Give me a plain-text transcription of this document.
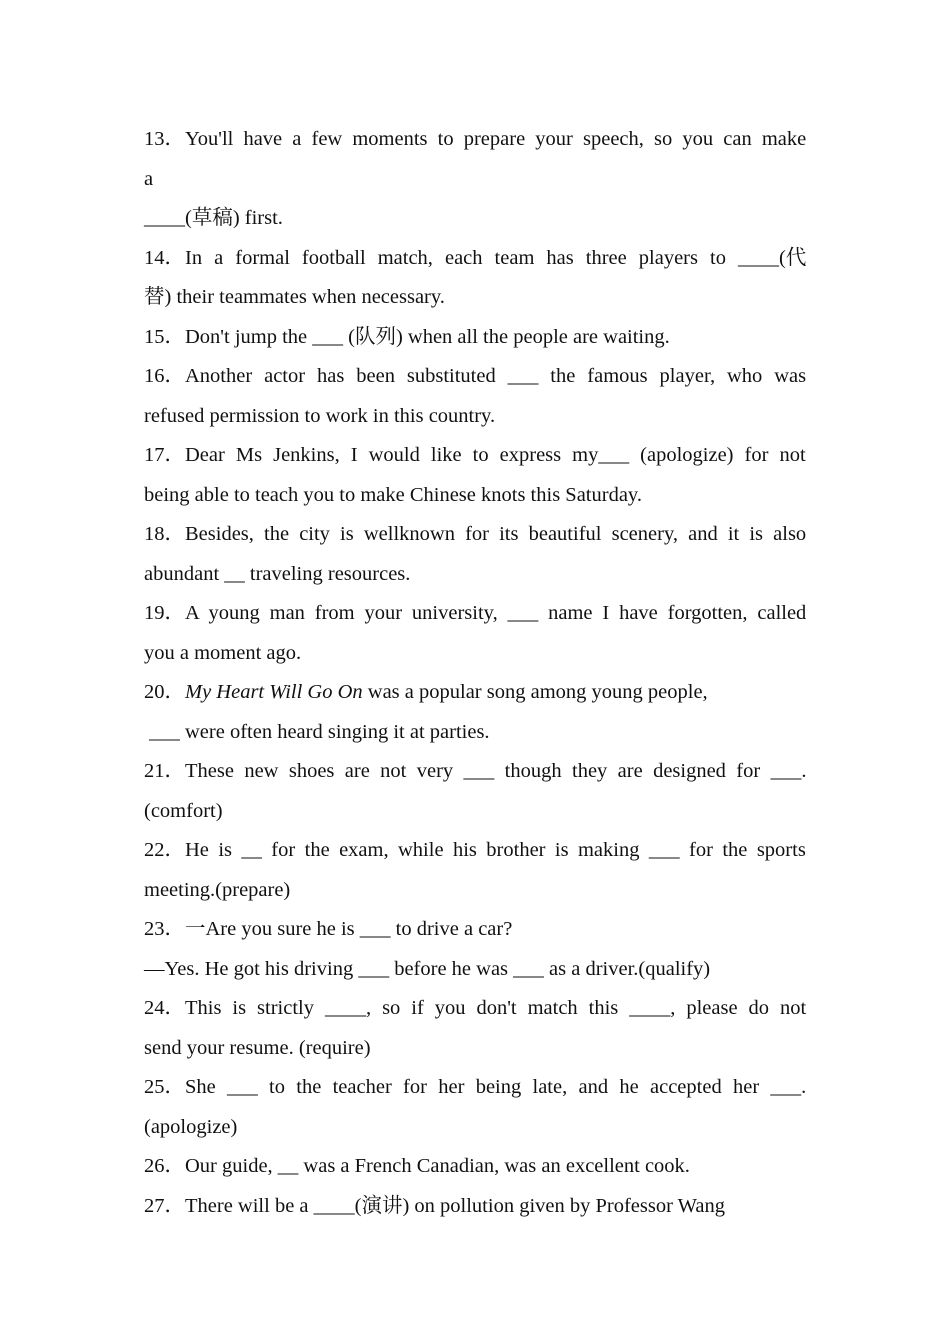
13．You'll have a few moments to prepare your speech, so you can make
a
____(草稿) first.
14．In a formal football match, each team has three players to ____(代
替) their teammates when necessary.
15．Don't jump the ___ (队列) when all the people are waiting.
16．Another actor has been substituted ___ the famous player, who was
refused permission to work in this country.
17．Dear Ms Jenkins, I would like to express my___ (apologize) for not
being able to teach you to make Chinese knots this Saturday.
18．Besides, the city is wellknown for its beautiful scenery, and it is also
abundant __ traveling resources.
19．A young man from your university, ___ name I have forgotten, called
you a moment ago.
20．My Heart Will Go On was a popular song among young people,
___ were often heard singing it at parties.
21．These new shoes are not very ___ though they are designed for ___.
(comfort)
22．He is __ for the exam, while his brother is making ___ for the sports
meeting.(prepare)
23．一Are you sure he is ___ to drive a car?
—Yes. He got his driving ___ before he was ___ as a driver.(qualify)
24．This is strictly ____, so if you don't match this ____, please do not
send your resume. (require)
25．She ___ to the teacher for her being late, and he accepted her ___.
(apologize)
26．Our guide, __ was a French Canadian, was an excellent cook.
27．There will be a ____(演讲) on pollution given by Professor Wang
